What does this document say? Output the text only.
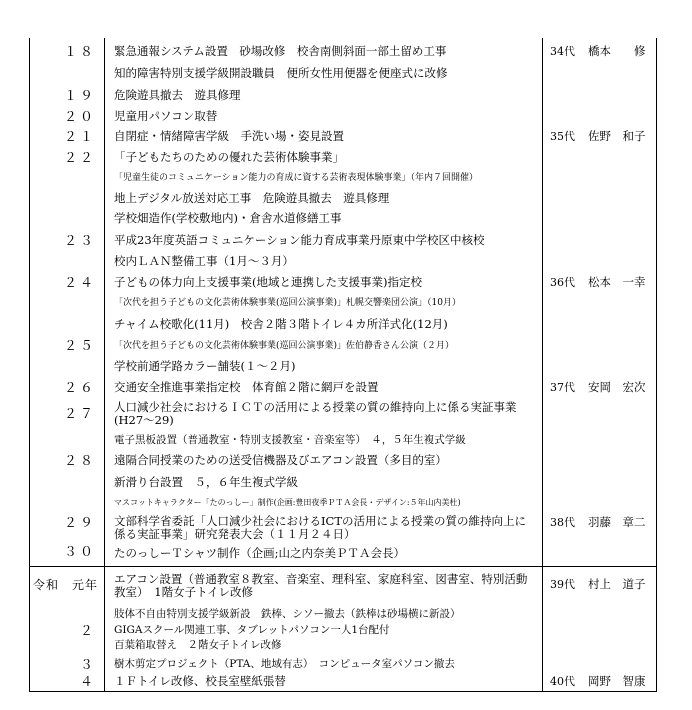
１８
１９
２０
２１
２２
２３
２４
２５
２６
２７
２８
２９
３０
令和　元年
２
３
４
緊急通報システム設置　砂場改修　校舎南側斜面一部土留め工事
知的障害特別支援学級開設職員　便所女性用便器を便座式に改修
危険遊具撤去　遊具修理
児童用パソコン取替
自閉症・情緒障害学級　手洗い場・姿見設置
「子どもたちのための優れた芸術体験事業」
「児童生徒のコミュニケーション能力の育成に資する芸術表現体験事業」（年内７回開催）
地上デジタル放送対応工事　危険遊具撤去　遊具修理
学校畑造作(学校敷地内)・倉舎水道修繕工事
平成23年度英語コミュニケーション能力育成事業丹原東中学校区中核校
校内ＬＡＮ整備工事（1月～３月）
子どもの体力向上支援事業(地域と連携した支援事業)指定校
「次代を担う子どもの文化芸術体験事業(巡回公演事業)」札幌交響楽団公演」（10月）
チャイム校歌化(11月)　校舎２階３階トイレ４カ所洋式化(12月)
「次代を担う子どもの文化芸術体験事業(巡回公演事業)」佐伯静香さん公演（２月）
学校前通学路カラー舗装(１～２月)
交通安全推進事業指定校　体育館２階に網戸を設置
人口減少社会におけるＩＣＴの活用による授業の質の維持向上に係る実証事業　(H27～29)
電子黒板設置（普通教室・特別支援教室・音楽室等）　４，５年生複式学級
遠隔合同授業のための送受信機器及びエアコン設置（多目的室）
新滑り台設置　５，６年生複式学級
マスコットキャラクター「たのっしー」制作(企画:豊田夜季ＰＴＡ会長・デザイン:５年山内美杜)
文部科学省委託「人口減少社会におけるICTの活用による授業の質の維持向上に係る実証事業」研究発表大会（１１月２４日）
たのっしーＴシャツ制作（企画;山之内奈美ＰＴＡ会長）
エアコン設置（普通教室８教室、音楽室、理科室、家庭科室、図書室、特別活動教室）　1階女子トイレ改修
肢体不自由特別支援学級新設　鉄棒、シソー撤去（鉄棒は砂場横に新設）
GIGAスクール関連工事、タブレットパソコン一人1台配付
百葉箱取替え　２階女子トイレ改修
樹木剪定プロジェクト（PTA、地域有志）　コンピュータ室パソコン撤去
１Ｆトイレ改修、校長室壁紙張替
34代 橋本　　修
35代 佐野　和子
36代 松本　一幸
37代 安岡　宏次
38代 羽藤　章二
39代 村上　道子
40代 岡野　智康
